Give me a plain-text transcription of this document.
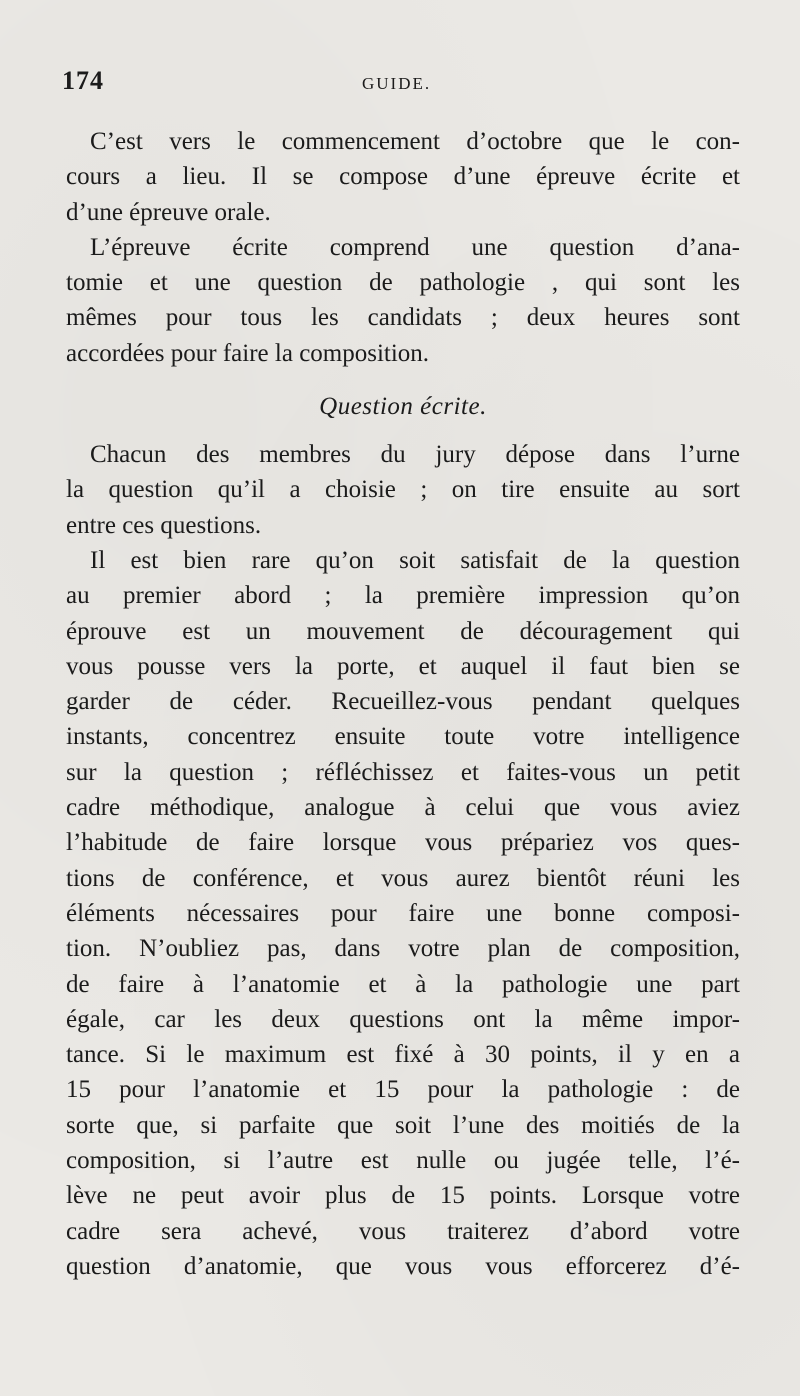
174	GUIDE.
C’est vers le commencement d’octobre que le con-
cours a lieu. Il se compose d’une épreuve écrite et
d’une épreuve orale.
L’épreuve écrite comprend une question d’ana-
tomie et une question de pathologie , qui sont les
mêmes pour tous les candidats ; deux heures sont
accordées pour faire la composition.
Question écrite.
Chacun des membres du jury dépose dans l’urne
la question qu’il a choisie ; on tire ensuite au sort
entre ces questions.
Il est bien rare qu’on soit satisfait de la question
au premier abord ; la première impression qu’on
éprouve est un mouvement de découragement qui
vous pousse vers la porte, et auquel il faut bien se
garder de céder. Recueillez-vous pendant quelques
instants, concentrez ensuite toute votre intelligence
sur la question ; réfléchissez et faites-vous un petit
cadre méthodique, analogue à celui que vous aviez
l’habitude de faire lorsque vous prépariez vos ques-
tions de conférence, et vous aurez bientôt réuni les
éléments nécessaires pour faire une bonne composi-
tion. N’oubliez pas, dans votre plan de composition,
de faire à l’anatomie et à la pathologie une part
égale, car les deux questions ont la même impor-
tance. Si le maximum est fixé à 30 points, il y en a
15 pour l’anatomie et 15 pour la pathologie : de
sorte que, si parfaite que soit l’une des moitiés de la
composition, si l’autre est nulle ou jugée telle, l’é-
lève ne peut avoir plus de 15 points. Lorsque votre
cadre sera achevé, vous traiterez d’abord votre
question d’anatomie, que vous vous efforcerez d’é-
